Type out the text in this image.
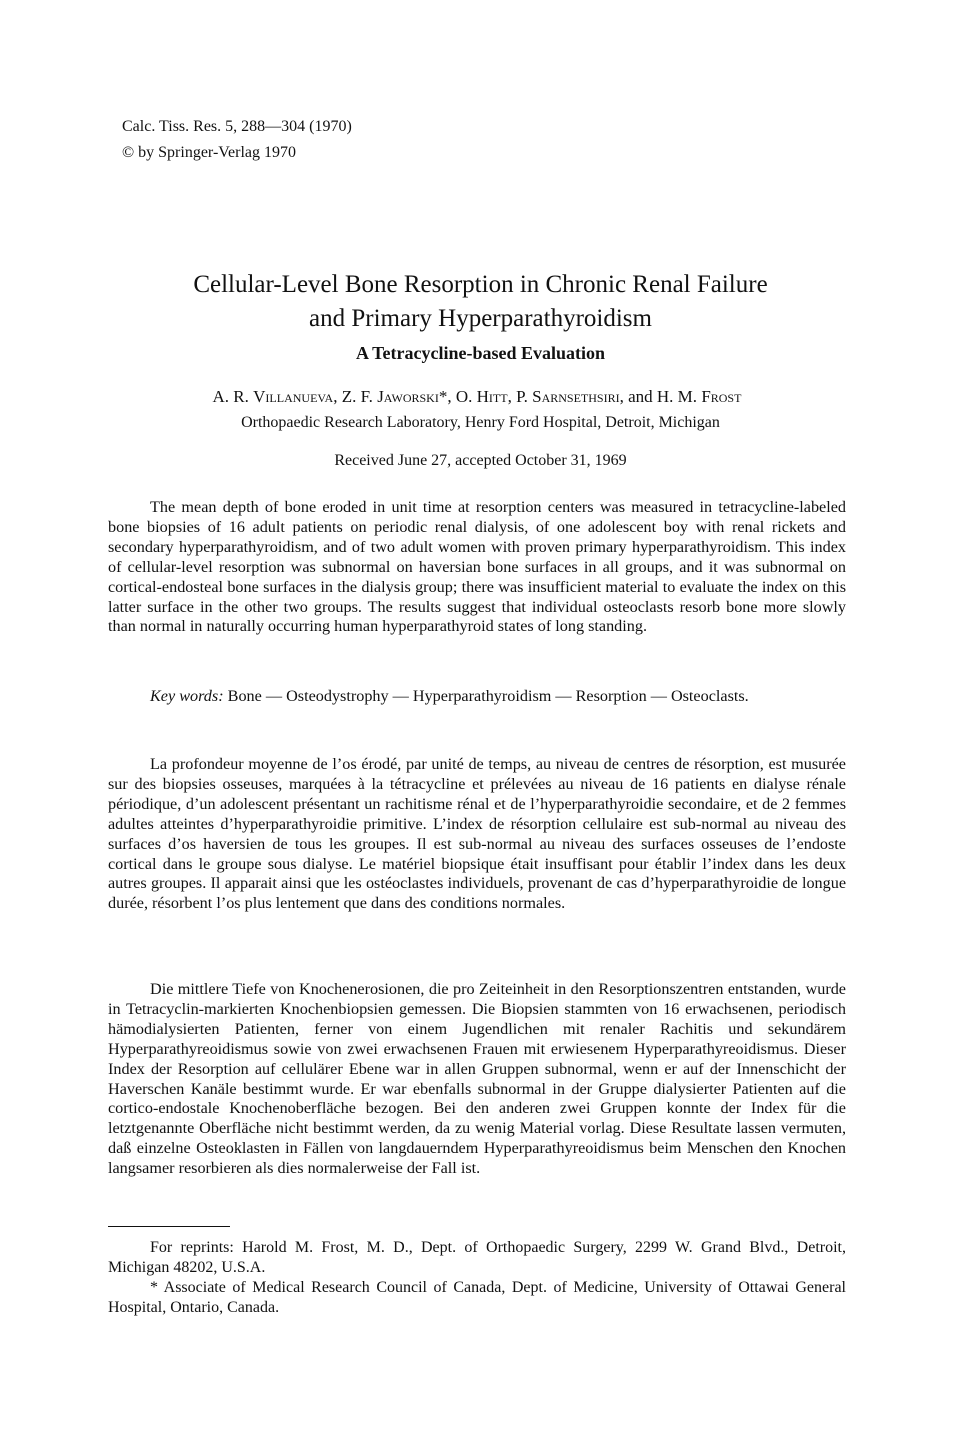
Calc. Tiss. Res. 5, 288—304 (1970)
© by Springer-Verlag 1970
Cellular-Level Bone Resorption in Chronic Renal Failure
and Primary Hyperparathyroidism
A Tetracycline-based Evaluation
A. R. Villanueva, Z. F. Jaworski*, O. Hitt, P. Sarnsethsiri, and H. M. Frost
Orthopaedic Research Laboratory, Henry Ford Hospital, Detroit, Michigan
Received June 27, accepted October 31, 1969
The mean depth of bone eroded in unit time at resorption centers was measured in tetracycline-labeled bone biopsies of 16 adult patients on periodic renal dialysis, of one adolescent boy with renal rickets and secondary hyperparathyroidism, and of two adult women with proven primary hyperparathyroidism. This index of cellular-level resorption was subnormal on haversian bone surfaces in all groups, and it was subnormal on cortical-endosteal bone surfaces in the dialysis group; there was insufficient material to evaluate the index on this latter surface in the other two groups. The results suggest that individual osteoclasts resorb bone more slowly than normal in naturally occurring human hyperparathyroid states of long standing.
Key words: Bone — Osteodystrophy — Hyperparathyroidism — Resorption — Osteoclasts.
La profondeur moyenne de l’os érodé, par unité de temps, au niveau de centres de résorption, est musurée sur des biopsies osseuses, marquées à la tétracycline et prélevées au niveau de 16 patients en dialyse rénale périodique, d’un adolescent présentant un rachitisme rénal et de l’hyperparathyroidie secondaire, et de 2 femmes adultes atteintes d’hyperparathyroidie primitive. L’index de résorption cellulaire est sub-normal au niveau des surfaces d’os haversien de tous les groupes. Il est sub-normal au niveau des surfaces osseuses de l’endoste cortical dans le groupe sous dialyse. Le matériel biopsique était insuffisant pour établir l’index dans les deux autres groupes. Il apparait ainsi que les ostéoclastes individuels, provenant de cas d’hyperparathyroidie de longue durée, résorbent l’os plus lentement que dans des conditions normales.
Die mittlere Tiefe von Knochenerosionen, die pro Zeiteinheit in den Resorptionszentren entstanden, wurde in Tetracyclin-markierten Knochenbiopsien gemessen. Die Biopsien stammten von 16 erwachsenen, periodisch hämodialysierten Patienten, ferner von einem Jugendlichen mit renaler Rachitis und sekundärem Hyperparathyreoidismus sowie von zwei erwachsenen Frauen mit erwiesenem Hyperparathyreoidismus. Dieser Index der Resorption auf cellulärer Ebene war in allen Gruppen subnormal, wenn er auf der Innenschicht der Haverschen Kanäle bestimmt wurde. Er war ebenfalls subnormal in der Gruppe dialysierter Patienten auf die cortico-endostale Knochenoberfläche bezogen. Bei den anderen zwei Gruppen konnte der Index für die letztgenannte Oberfläche nicht bestimmt werden, da zu wenig Material vorlag. Diese Resultate lassen vermuten, daß einzelne Osteoklasten in Fällen von langdauerndem Hyperparathyreoidismus beim Menschen den Knochen langsamer resorbieren als dies normalerweise der Fall ist.
For reprints: Harold M. Frost, M. D., Dept. of Orthopaedic Surgery, 2299 W. Grand Blvd., Detroit, Michigan 48202, U.S.A.
* Associate of Medical Research Council of Canada, Dept. of Medicine, University of Ottawai General Hospital, Ontario, Canada.
